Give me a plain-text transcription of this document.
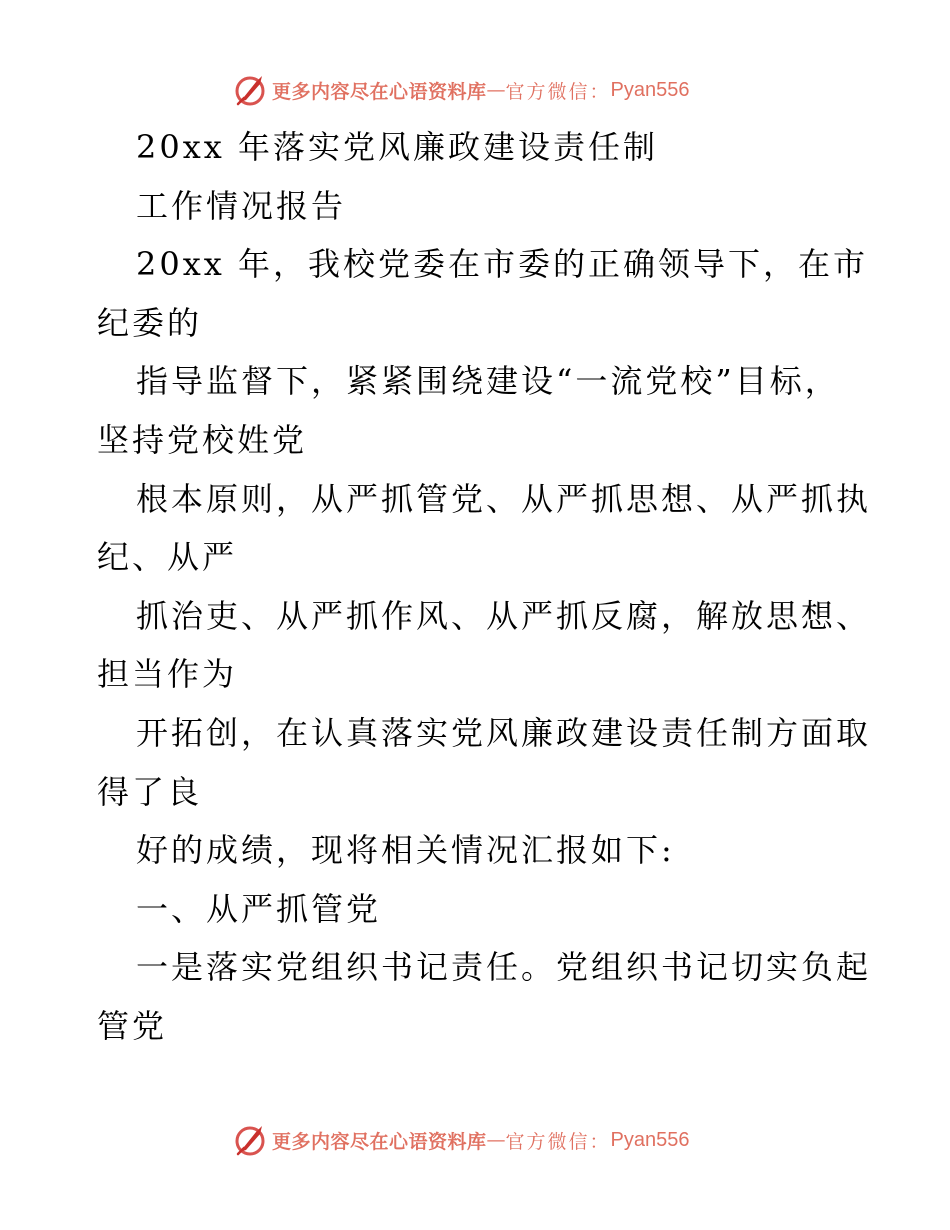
更多内容尽在心语资料库 — 官方微信： Pyan556
20xx 年落实党风廉政建设责任制
工作情况报告
20xx 年，我校党委在市委的正确领导下，在市
纪委的
指导监督下，紧紧围绕建设“一流党校”目标，
坚持党校姓党
根本原则，从严抓管党、从严抓思想、从严抓执
纪、从严
抓治吏、从严抓作风、从严抓反腐，解放思想、
担当作为
开拓创，在认真落实党风廉政建设责任制方面取
得了良
好的成绩，现将相关情况汇报如下:
一、从严抓管党
一是落实党组织书记责任。党组织书记切实负起
管党
更多内容尽在心语资料库 — 官方微信： Pyan556
